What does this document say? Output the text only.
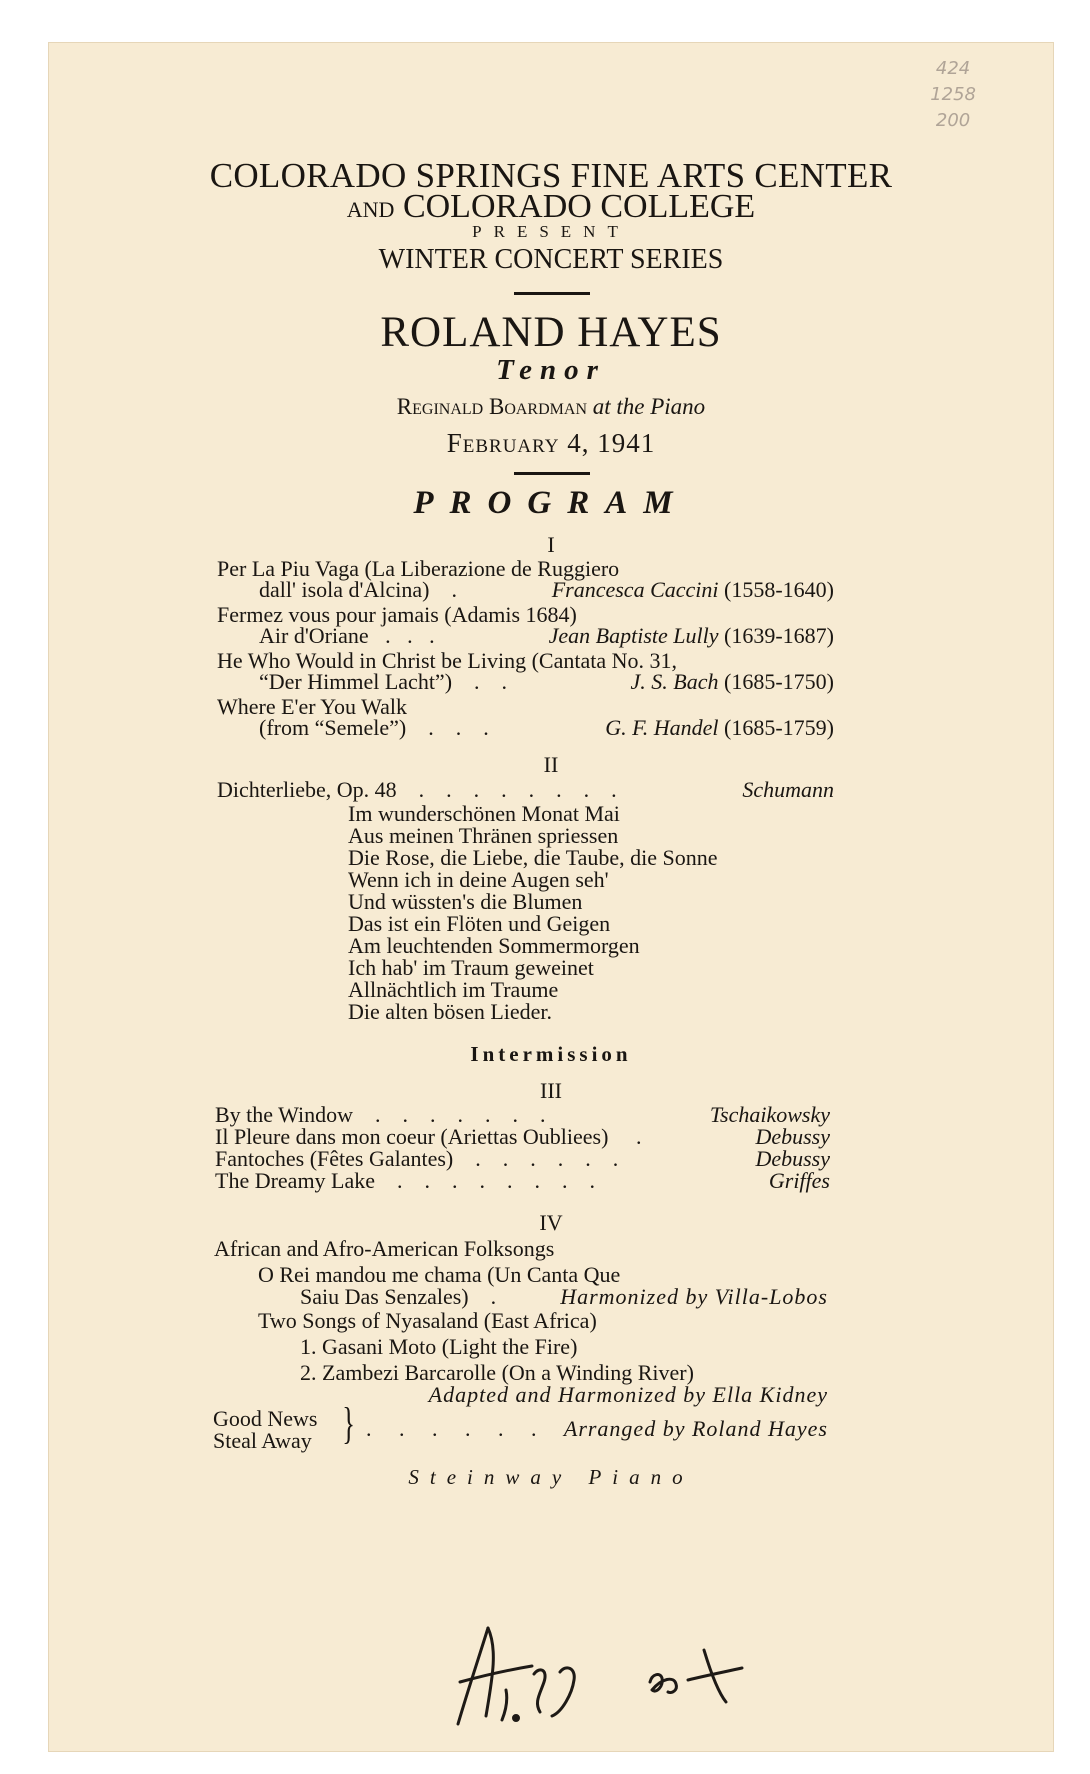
424
1258
200
COLORADO SPRINGS FINE ARTS CENTER
AND COLORADO COLLEGE
PRESENT
WINTER CONCERT SERIES
ROLAND HAYES
Tenor
Reginald Boardman at the Piano
February 4, 1941
PROGRAM
I
Per La Piu Vaga (La Liberazione de Ruggiero
dall' isola d'Alcina)    .	Francesca Caccini (1558-1640)
Fermez vous pour jamais (Adamis 1684)
Air d'Oriane   .   .   .	Jean Baptiste Lully (1639-1687)
He Who Would in Christ be Living (Cantata No. 31,
“Der Himmel Lacht”)    .    .	J. S. Bach (1685-1750)
Where E'er You Walk
(from “Semele”)    .    .    .	G. F. Handel (1685-1759)
II
Dichterliebe, Op. 48    .    .    .    .    .    .    .    .	Schumann
Im wunderschönen Monat Mai
Aus meinen Thränen spriessen
Die Rose, die Liebe, die Taube, die Sonne
Wenn ich in deine Augen seh'
Und wüssten's die Blumen
Das ist ein Flöten und Geigen
Am leuchtenden Sommermorgen
Ich hab' im Traum geweinet
Allnächtlich im Traume
Die alten bösen Lieder.
Intermission
III
By the Window    .    .    .    .    .    .    .	Tschaikowsky
Il Pleure dans mon coeur (Ariettas Oubliees)     .	Debussy
Fantoches (Fêtes Galantes)    .    .    .    .    .    .	Debussy
The Dreamy Lake    .    .    .    .    .    .    .    .	Griffes
IV
African and Afro-American Folksongs
O Rei mandou me chama (Un Canta Que
Saiu Das Senzales)    .	Harmonized by Villa-Lobos
Two Songs of Nyasaland (East Africa)
1. Gasani Moto (Light the Fire)
2. Zambezi Barcarolle (On a Winding River)
Adapted and Harmonized by Ella Kidney
Good News
Steal Away } .     .     .     .     .     . Arranged by Roland Hayes
Steinway Piano
